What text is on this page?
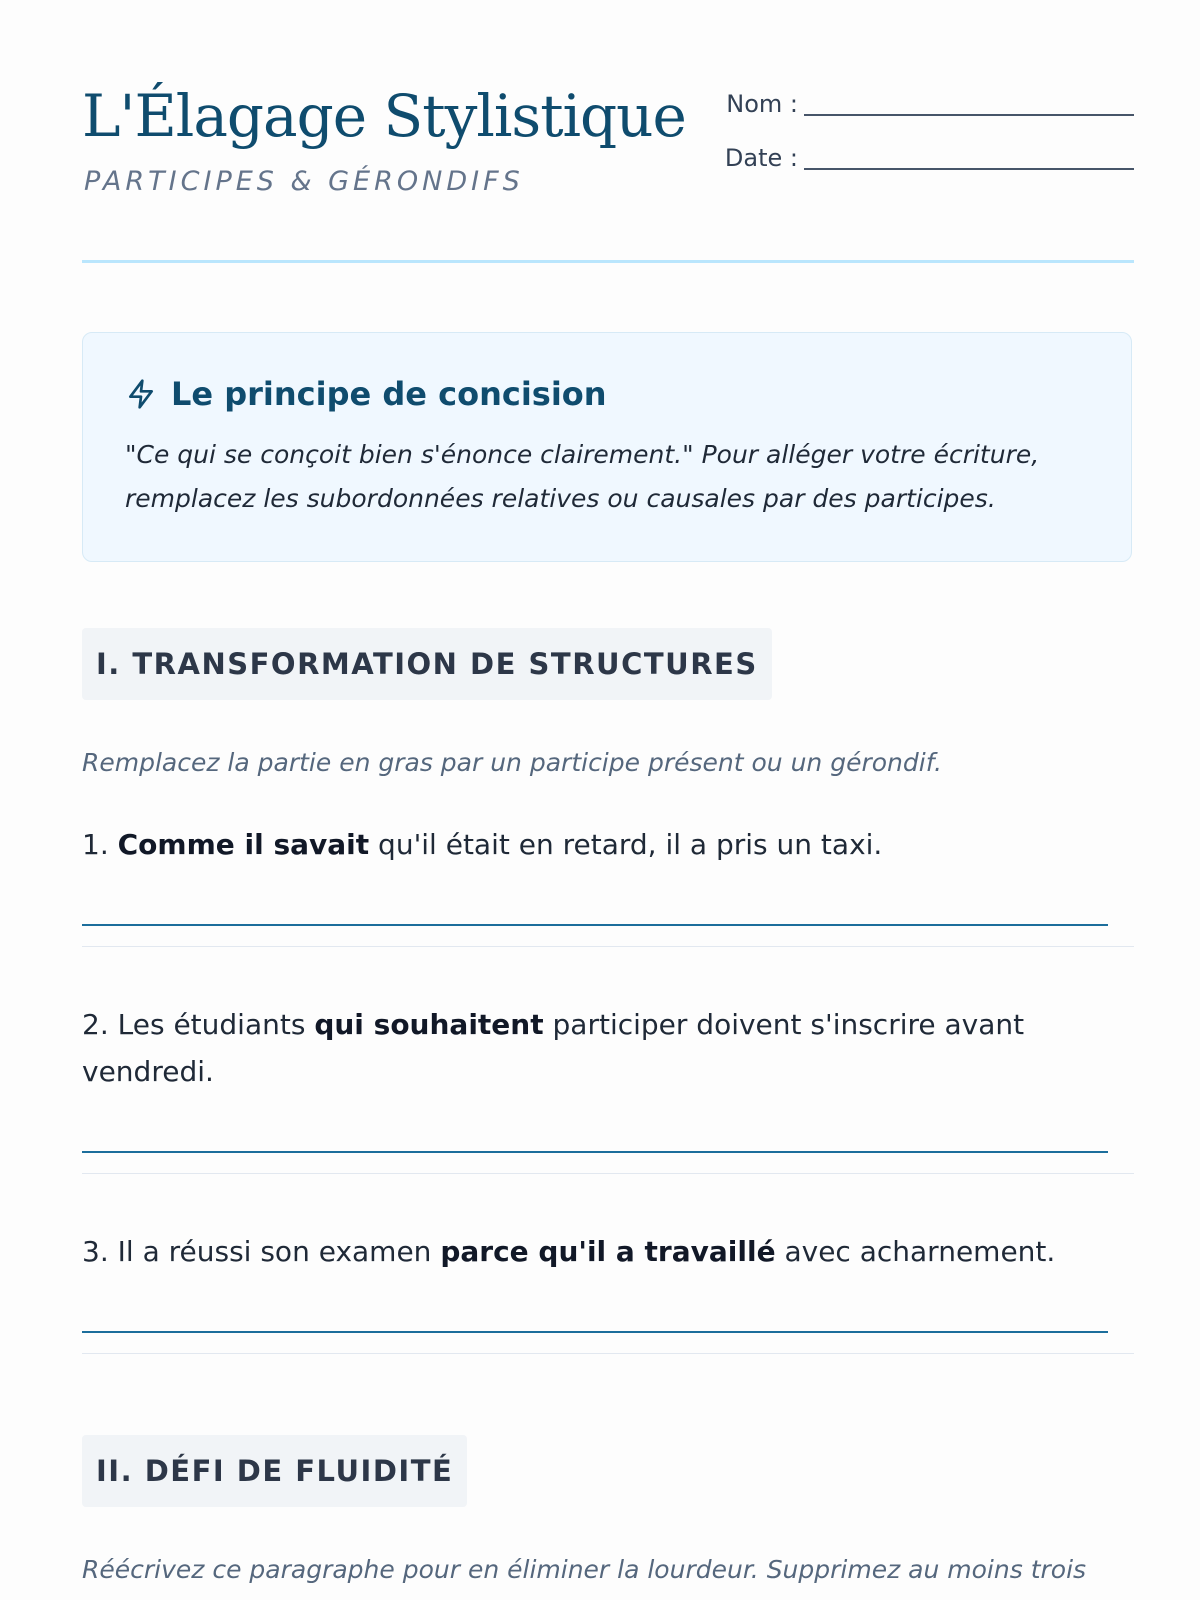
L'Élagage Stylistique
PARTICIPES & GÉRONDIFS
Nom :
Date :
Le principe de concision
"Ce qui se conçoit bien s'énonce clairement." Pour alléger votre écriture, remplacez les subordonnées relatives ou causales par des participes.
I. TRANSFORMATION DE STRUCTURES
Remplacez la partie en gras par un participe présent ou un gérondif.
1. Comme il savait qu'il était en retard, il a pris un taxi.
2. Les étudiants qui souhaitent participer doivent s'inscrire avant vendredi.
3. Il a réussi son examen parce qu'il a travaillé avec acharnement.
II. DÉFI DE FLUIDITÉ
Réécrivez ce paragraphe pour en éliminer la lourdeur. Supprimez au moins trois
